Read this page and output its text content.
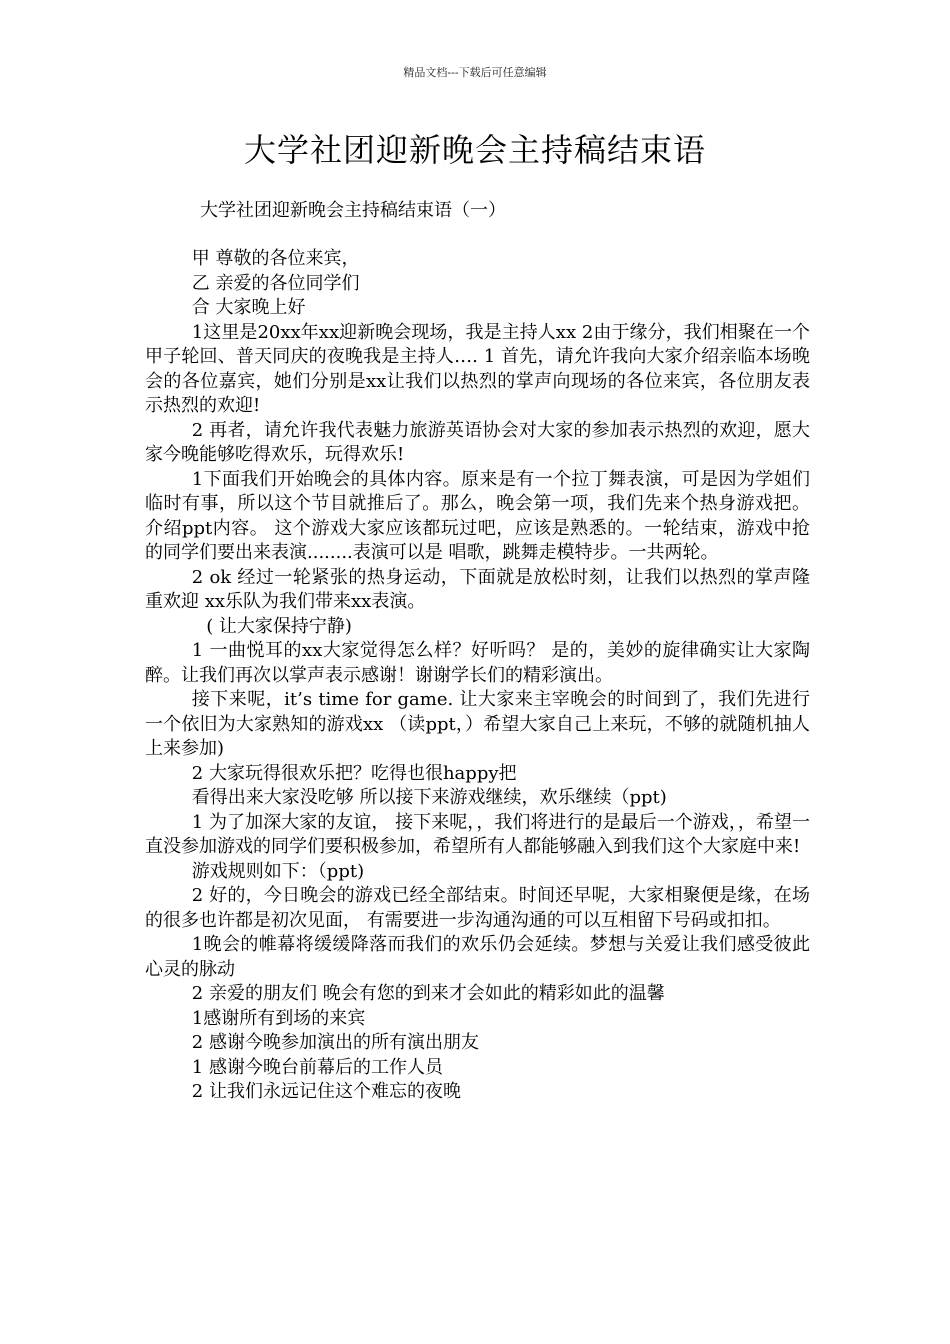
精品文档---下载后可任意编辑
大学社团迎新晚会主持稿结束语

大学社团迎新晚会主持稿结束语（一）

甲 尊敬的各位来宾，

乙 亲爱的各位同学们

合 大家晚上好

1这里是20xx年xx迎新晚会现场，我是主持人xx 2由于缘分，我们相聚在一个甲子轮回、普天同庆的夜晚我是主持人…. 1 首先，请允许我向大家介绍亲临本场晚会的各位嘉宾，她们分别是xx让我们以热烈的掌声向现场的各位来宾，各位朋友表示热烈的欢迎!

2 再者，请允许我代表魅力旅游英语协会对大家的参加表示热烈的欢迎，愿大家今晚能够吃得欢乐，玩得欢乐!

1下面我们开始晚会的具体内容。原来是有一个拉丁舞表演，可是因为学姐们临时有事，所以这个节目就推后了。那么，晚会第一项，我们先来个热身游戏把。 介绍ppt内容。 这个游戏大家应该都玩过吧，应该是熟悉的。一轮结束，游戏中抢的同学们要出来表演........表演可以是 唱歌，跳舞走模特步。一共两轮。

2 ok 经过一轮紧张的热身运动，下面就是放松时刻，让我们以热烈的掌声隆重欢迎 xx乐队为我们带来xx表演。

( 让大家保持宁静)

1 一曲悦耳的xx大家觉得怎么样？好听吗？ 是的，美妙的旋律确实让大家陶醉。让我们再次以掌声表示感谢！谢谢学长们的精彩演出。

接下来呢，it’s time for game. 让大家来主宰晚会的时间到了，我们先进行一个依旧为大家熟知的游戏xx （读ppt，）希望大家自己上来玩，不够的就随机抽人上来参加)

2 大家玩得很欢乐把？吃得也很happy把

看得出来大家没吃够 所以接下来游戏继续，欢乐继续（ppt)

1 为了加深大家的友谊， 接下来呢，，我们将进行的是最后一个游戏，，希望一直没参加游戏的同学们要积极参加，希望所有人都能够融入到我们这个大家庭中来!

游戏规则如下：（ppt)

2 好的，今日晚会的游戏已经全部结束。时间还早呢，大家相聚便是缘，在场的很多也许都是初次见面， 有需要进一步沟通沟通的可以互相留下号码或扣扣。

1晚会的帷幕将缓缓降落而我们的欢乐仍会延续。梦想与关爱让我们感受彼此心灵的脉动

2 亲爱的朋友们 晚会有您的到来才会如此的精彩如此的温馨

1感谢所有到场的来宾

2 感谢今晚参加演出的所有演出朋友

1 感谢今晚台前幕后的工作人员

2 让我们永远记住这个难忘的夜晚
